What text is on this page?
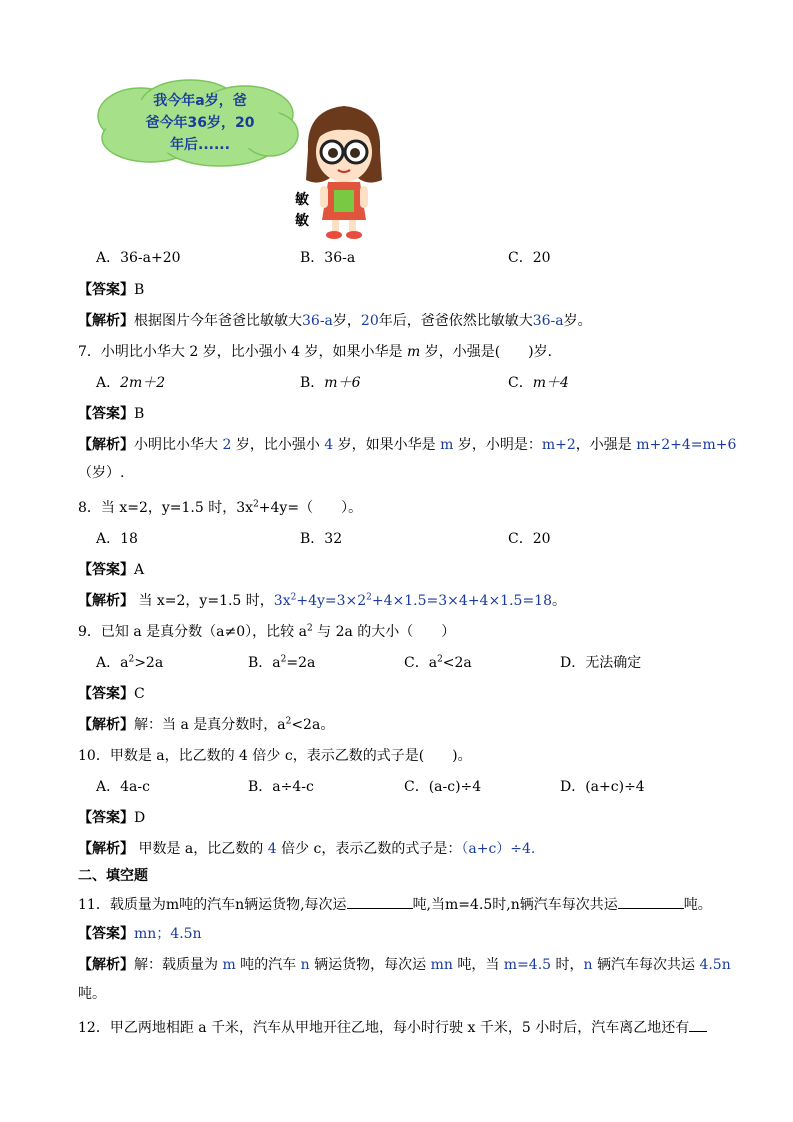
我今年a岁，爸
爸今年36岁，20
年后......
敏
敏
A．36-a+20	B．36-a	C．20
【答案】B
【解析】根据图片今年爸爸比敏敏大36-a岁，20年后，爸爸依然比敏敏大36-a岁。
7．小明比小华大 2 岁，比小强小 4 岁，如果小华是 m 岁，小强是(　　)岁．
A．2m＋2	B．m＋6	C．m＋4
【答案】B
【解析】小明比小华大 2 岁，比小强小 4 岁，如果小华是 m 岁，小明是：m+2，小强是 m+2+4=m+6
（岁）.
8．当 x=2，y=1.5 时，$3x^2+4y=$（　　）。
A．18	B．32	C．20
【答案】A
【解析】 当 x=2，y=1.5 时，$3x^2+4y=3\times 2^2+4\times 1.5=3\times 4+4\times 1.5=18$。
9．已知 a 是真分数（a≠0），比较 $a^2$ 与 2a 的大小（　　）
A．$a^2>2a$	B．$a^2=2a$	C．$a^2<2a$	D．无法确定
【答案】C
【解析】解：当 a 是真分数时，$a^2<2a$。
10．甲数是 a，比乙数的 4 倍少 c，表示乙数的式子是(　　)。
A．4a-c	B．a÷4-c	C．(a-c)÷4	D．(a+c)÷4
【答案】D
【解析】 甲数是 a，比乙数的 4 倍少 c，表示乙数的式子是：（a+c）÷4.
二、填空题
11．载质量为m吨的汽车n辆运货物,每次运	吨,当m=4.5时,n辆汽车每次共运	吨。
【答案】mn；4.5n
【解析】解：载质量为 m 吨的汽车 n 辆运货物，每次运 mn 吨，当 m=4.5 时，n 辆汽车每次共运 4.5n
吨。
12．甲乙两地相距 a 千米，汽车从甲地开往乙地，每小时行驶 x 千米，5 小时后，汽车离乙地还有
